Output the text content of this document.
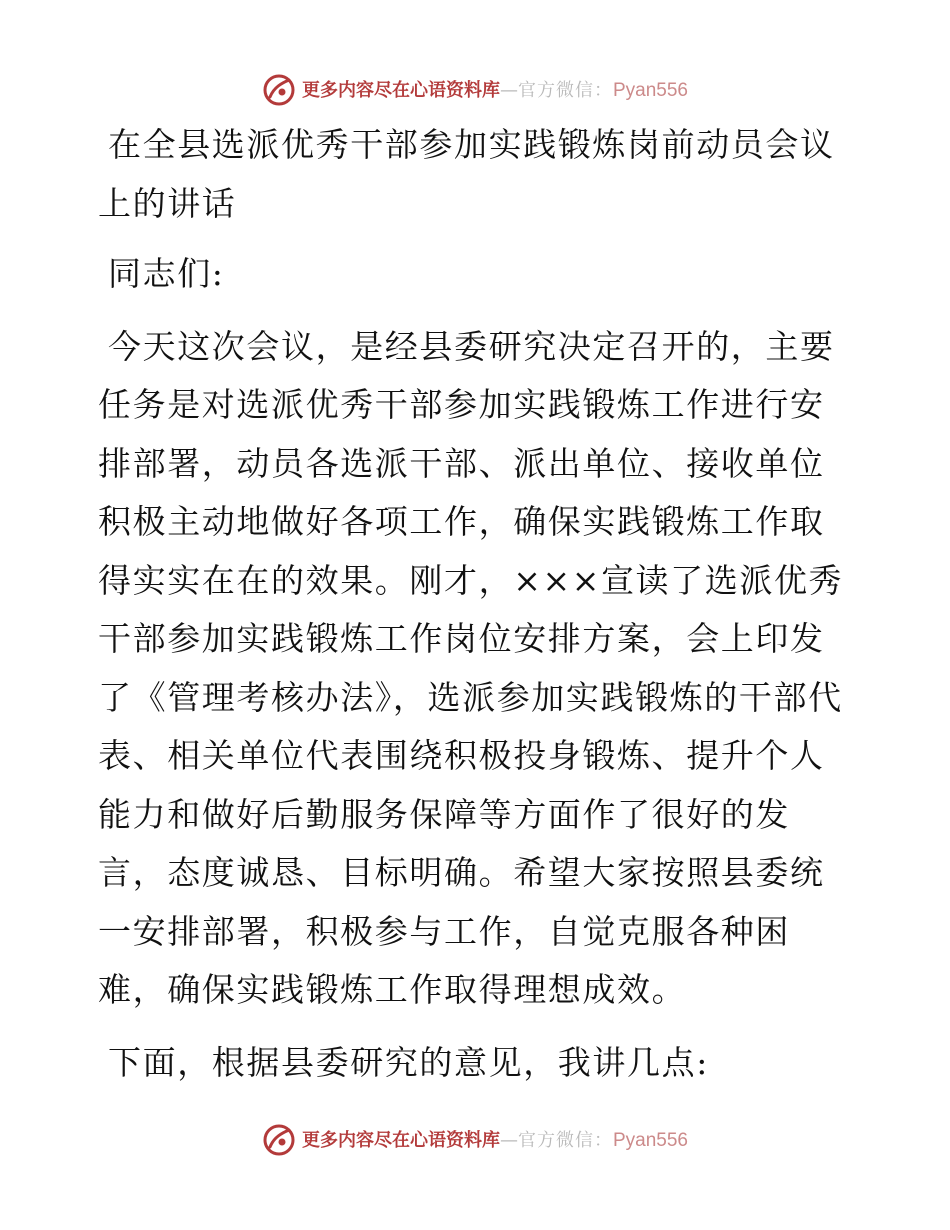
更多内容尽在心语资料库 — 官方微信： Pyan556

在全县选派优秀干部参加实践锻炼岗前动员会议上的讲话

同志们:

今天这次会议，是经县委研究决定召开的，主要任务是对选派优秀干部参加实践锻炼工作进行安排部署，动员各选派干部、派出单位、接收单位积极主动地做好各项工作，确保实践锻炼工作取得实实在在的效果。刚才，×××宣读了选派优秀干部参加实践锻炼工作岗位安排方案，会上印发了《管理考核办法》，选派参加实践锻炼的干部代表、相关单位代表围绕积极投身锻炼、提升个人能力和做好后勤服务保障等方面作了很好的发言，态度诚恳、目标明确。希望大家按照县委统一安排部署，积极参与工作，自觉克服各种困难，确保实践锻炼工作取得理想成效。

下面，根据县委研究的意见，我讲几点:

更多内容尽在心语资料库 — 官方微信： Pyan556
